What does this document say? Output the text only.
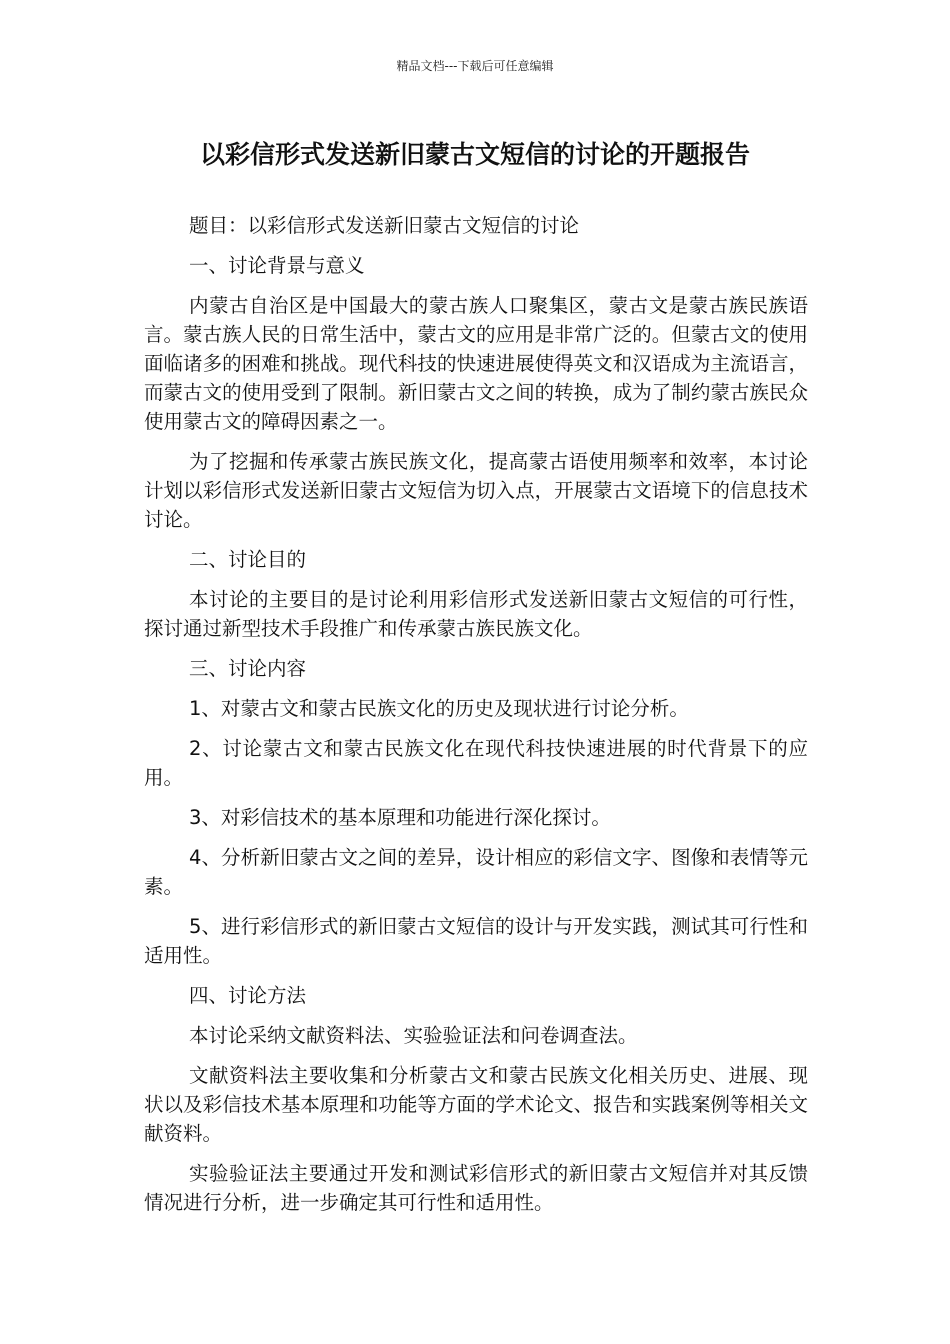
精品文档---下载后可任意编辑
以彩信形式发送新旧蒙古文短信的讨论的开题报告

题目：以彩信形式发送新旧蒙古文短信的讨论

一、讨论背景与意义

内蒙古自治区是中国最大的蒙古族人口聚集区，蒙古文是蒙古族民族语言。蒙古族人民的日常生活中，蒙古文的应用是非常广泛的。但蒙古文的使用面临诸多的困难和挑战。现代科技的快速进展使得英文和汉语成为主流语言，而蒙古文的使用受到了限制。新旧蒙古文之间的转换，成为了制约蒙古族民众使用蒙古文的障碍因素之一。

为了挖掘和传承蒙古族民族文化，提高蒙古语使用频率和效率，本讨论计划以彩信形式发送新旧蒙古文短信为切入点，开展蒙古文语境下的信息技术讨论。

二、讨论目的

本讨论的主要目的是讨论利用彩信形式发送新旧蒙古文短信的可行性，探讨通过新型技术手段推广和传承蒙古族民族文化。

三、讨论内容

1、对蒙古文和蒙古民族文化的历史及现状进行讨论分析。

2、讨论蒙古文和蒙古民族文化在现代科技快速进展的时代背景下的应用。

3、对彩信技术的基本原理和功能进行深化探讨。

4、分析新旧蒙古文之间的差异，设计相应的彩信文字、图像和表情等元素。

5、进行彩信形式的新旧蒙古文短信的设计与开发实践，测试其可行性和适用性。

四、讨论方法

本讨论采纳文献资料法、实验验证法和问卷调查法。

文献资料法主要收集和分析蒙古文和蒙古民族文化相关历史、进展、现状以及彩信技术基本原理和功能等方面的学术论文、报告和实践案例等相关文献资料。

实验验证法主要通过开发和测试彩信形式的新旧蒙古文短信并对其反馈情况进行分析，进一步确定其可行性和适用性。
